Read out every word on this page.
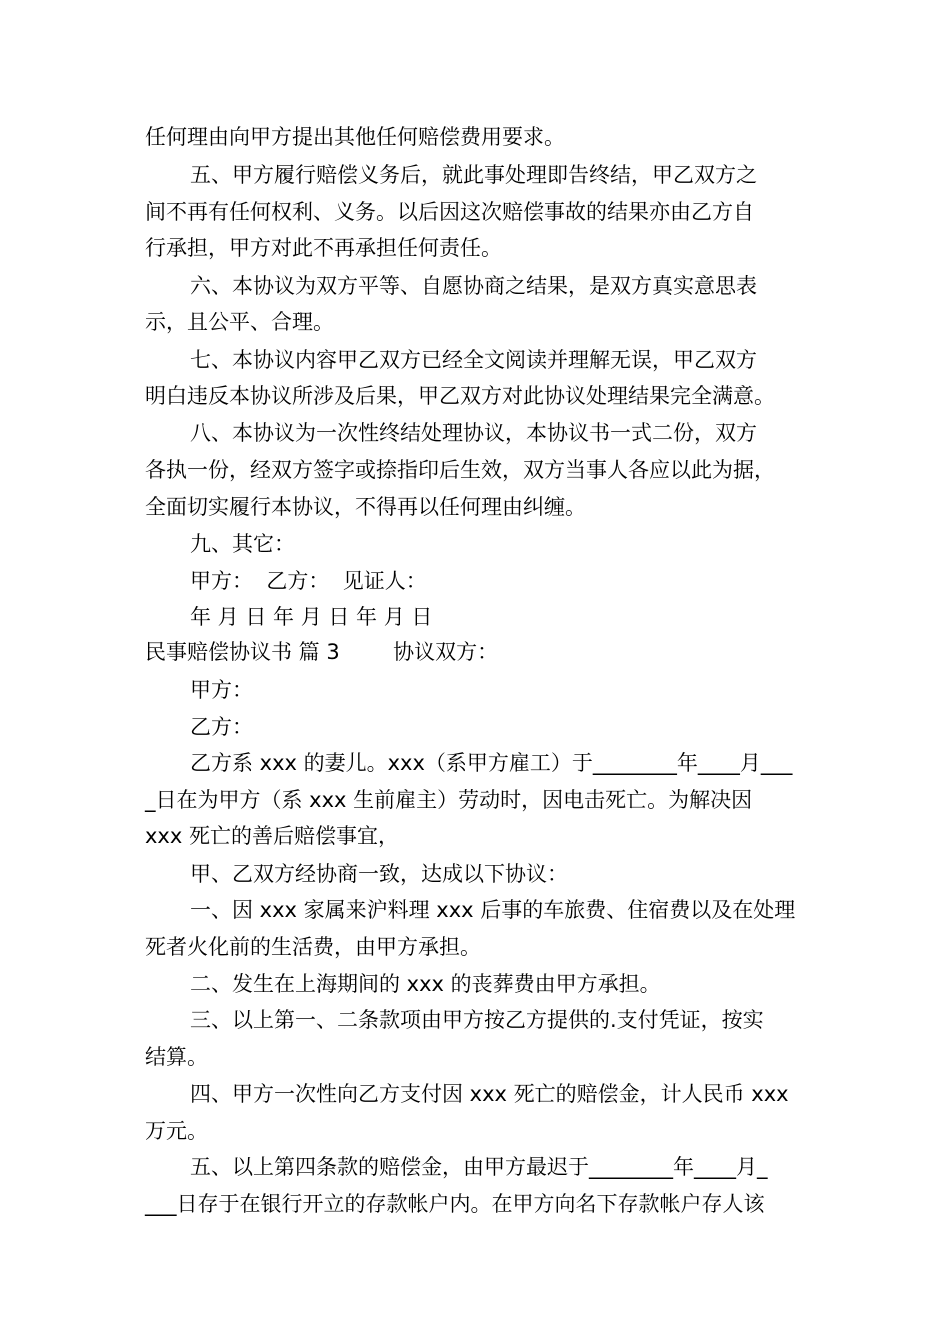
任何理由向甲方提出其他任何赔偿费用要求。
五、甲方履行赔偿义务后，就此事处理即告终结，甲乙双方之
间不再有任何权利、义务。以后因这次赔偿事故的结果亦由乙方自
行承担，甲方对此不再承担任何责任。
六、本协议为双方平等、自愿协商之结果，是双方真实意思表
示，且公平、合理。
七、本协议内容甲乙双方已经全文阅读并理解无误，甲乙双方
明白违反本协议所涉及后果，甲乙双方对此协议处理结果完全满意。
八、本协议为一次性终结处理协议，本协议书一式二份，双方
各执一份，经双方签字或捺指印后生效，双方当事人各应以此为据，
全面切实履行本协议，不得再以任何理由纠缠。
九、其它：
甲方：  乙方：  见证人：
年 月 日 年 月 日 年 月 日
民事赔偿协议书 篇 3        协议双方：
甲方：
乙方：
乙方系 xxx 的妻儿。xxx（系甲方雇工）于________年____月___
_日在为甲方（系 xxx 生前雇主）劳动时，因电击死亡。为解决因
xxx 死亡的善后赔偿事宜，
甲、乙双方经协商一致，达成以下协议：
一、因 xxx 家属来沪料理 xxx 后事的车旅费、住宿费以及在处理
死者火化前的生活费，由甲方承担。
二、发生在上海期间的 xxx 的丧葬费由甲方承担。
三、以上第一、二条款项由甲方按乙方提供的.支付凭证，按实
结算。
四、甲方一次性向乙方支付因 xxx 死亡的赔偿金，计人民币 xxx
万元。
五、以上第四条款的赔偿金，由甲方最迟于________年____月_
___日存于在银行开立的存款帐户内。在甲方向名下存款帐户存人该
